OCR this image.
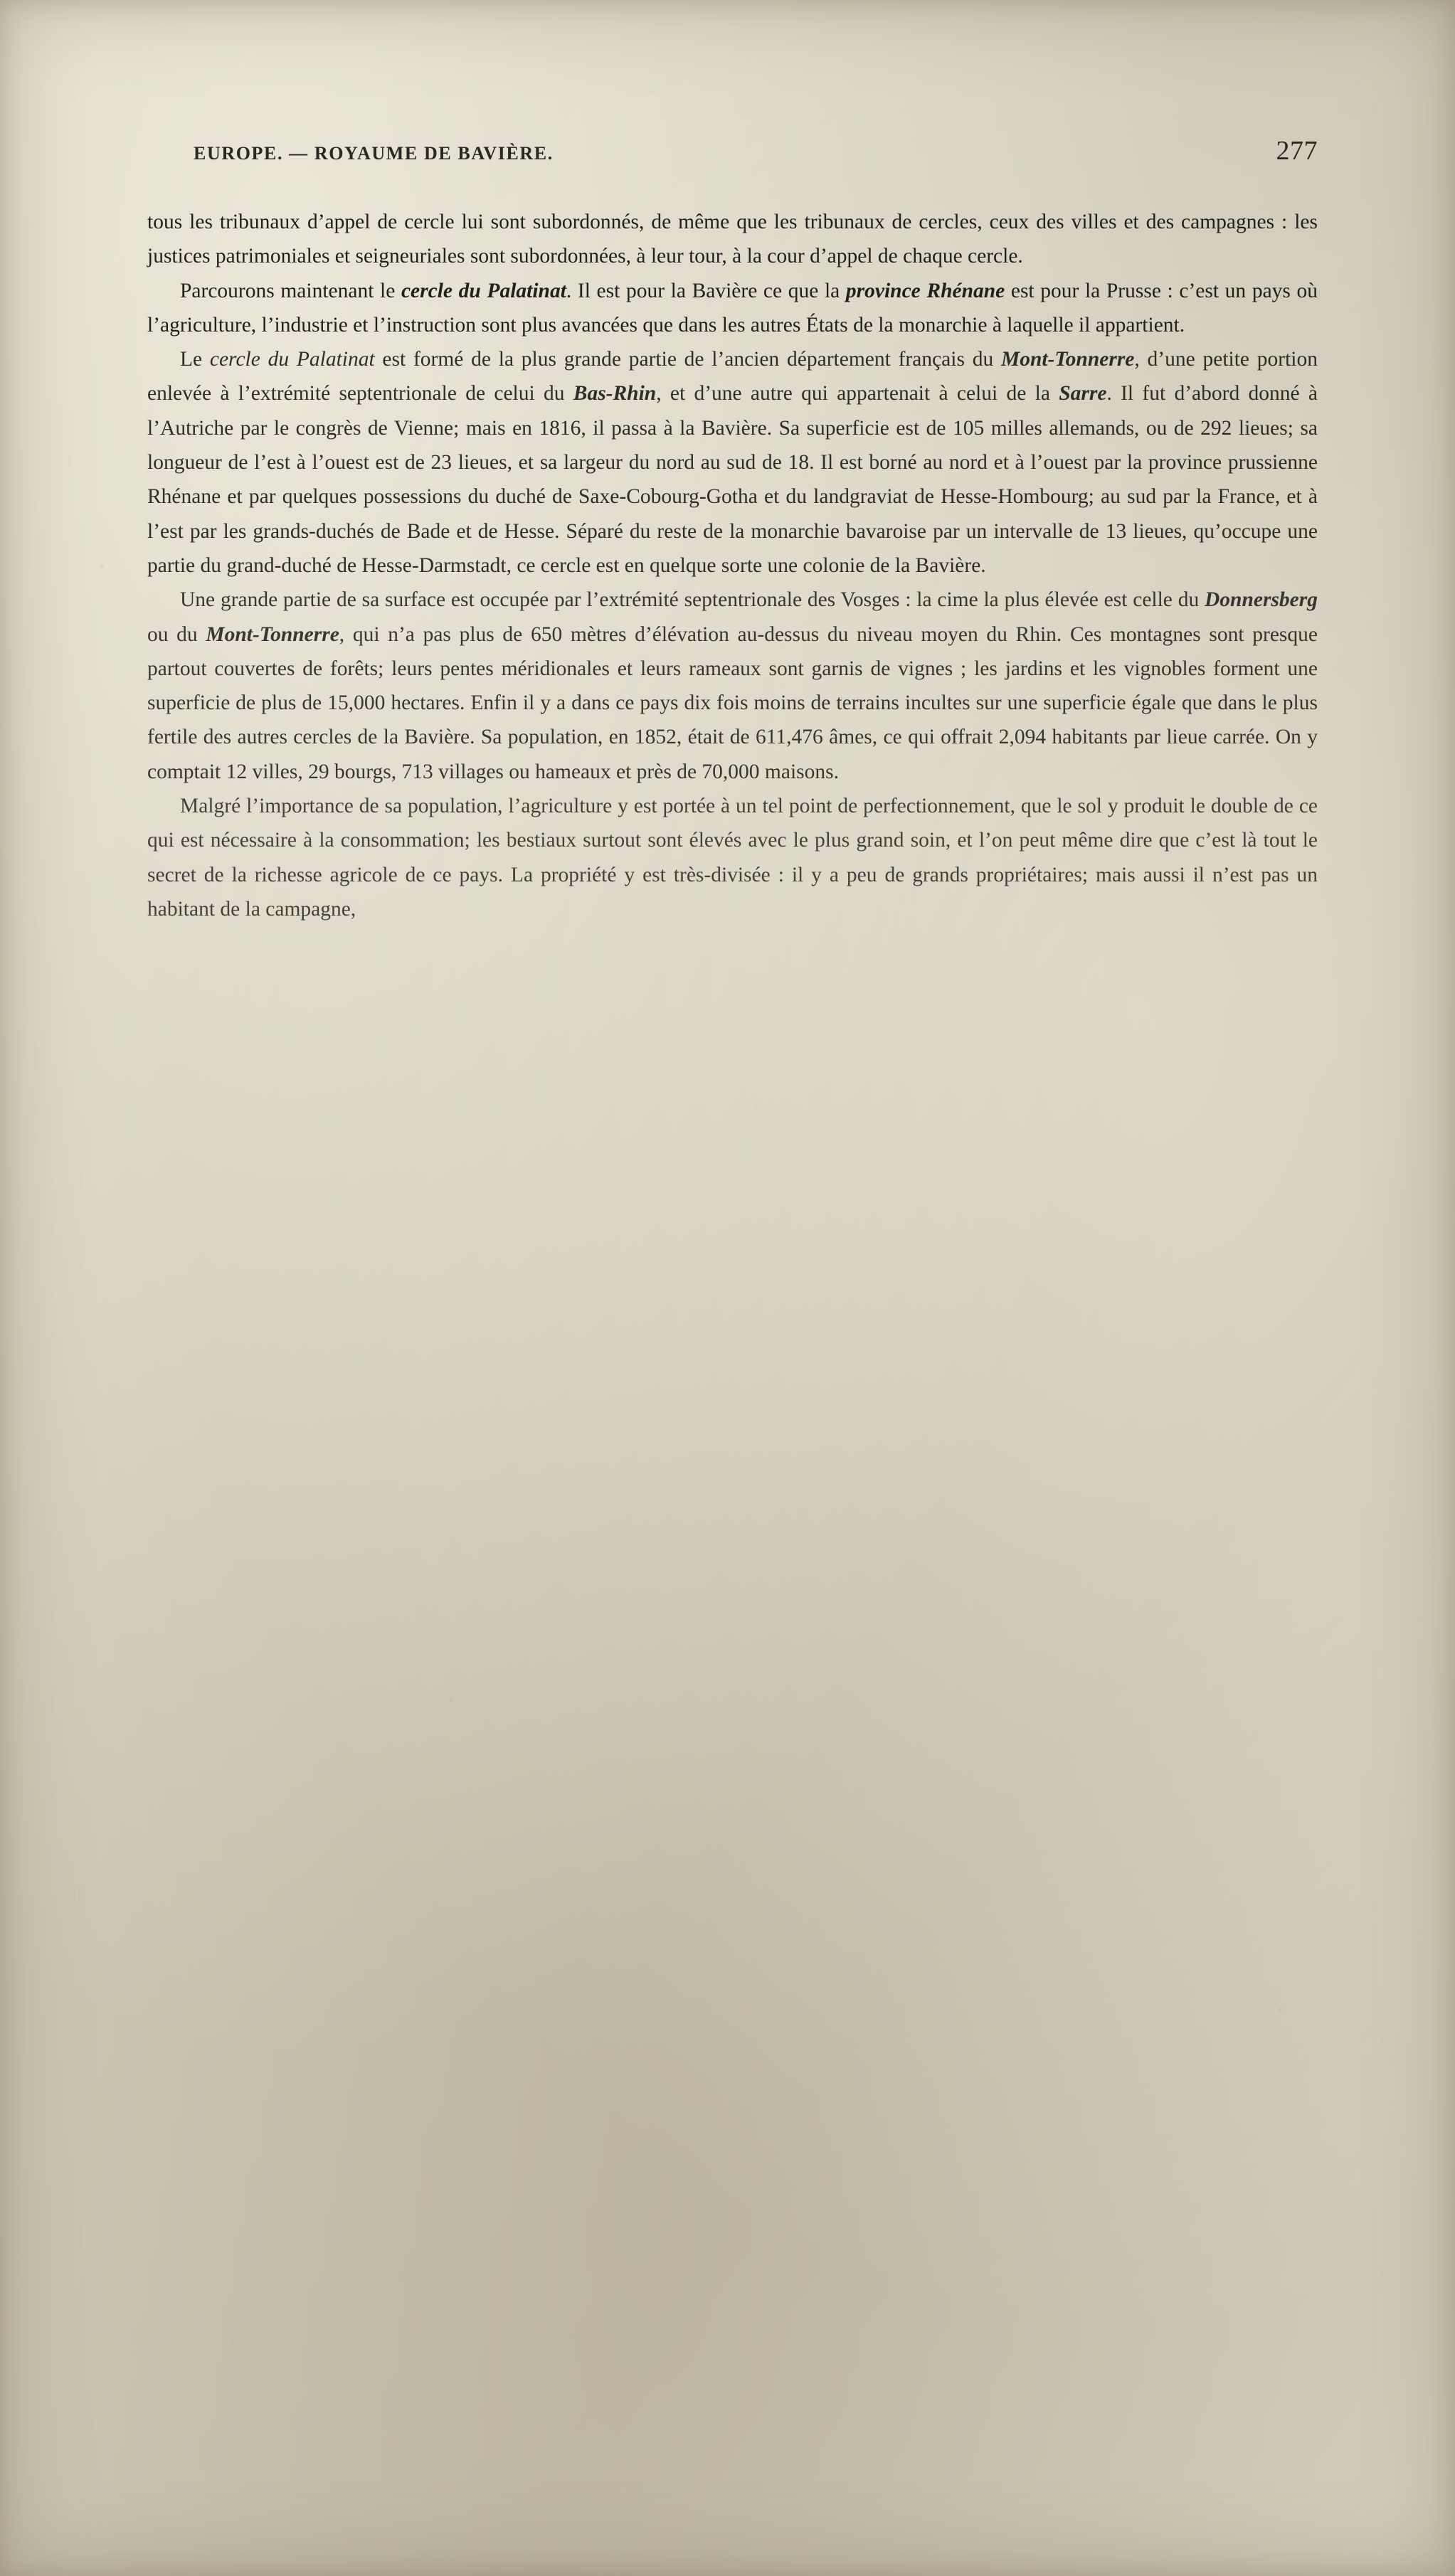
EUROPE. — ROYAUME DE BAVIÈRE.	277

tous les tribunaux d’appel de cercle lui sont subordonnés, de même que les tribunaux de cercles, ceux des villes et des campagnes : les justices patrimoniales et seigneuriales sont subordonnées, à leur tour, à la cour d’appel de chaque cercle.

Parcourons maintenant le cercle du Palatinat. Il est pour la Bavière ce que la province Rhénane est pour la Prusse : c’est un pays où l’agriculture, l’industrie et l’instruction sont plus avancées que dans les autres États de la monarchie à laquelle il appartient.

Le cercle du Palatinat est formé de la plus grande partie de l’ancien département français du Mont-Tonnerre, d’une petite portion enlevée à l’extrémité septentrionale de celui du Bas-Rhin, et d’une autre qui appartenait à celui de la Sarre. Il fut d’abord donné à l’Autriche par le congrès de Vienne; mais en 1816, il passa à la Bavière. Sa superficie est de 105 milles allemands, ou de 292 lieues; sa longueur de l’est à l’ouest est de 23 lieues, et sa largeur du nord au sud de 18. Il est borné au nord et à l’ouest par la province prussienne Rhénane et par quelques possessions du duché de Saxe-Cobourg-Gotha et du landgraviat de Hesse-Hombourg; au sud par la France, et à l’est par les grands-duchés de Bade et de Hesse. Séparé du reste de la monarchie bavaroise par un intervalle de 13 lieues, qu’occupe une partie du grand-duché de Hesse-Darmstadt, ce cercle est en quelque sorte une colonie de la Bavière.

Une grande partie de sa surface est occupée par l’extrémité septentrionale des Vosges : la cime la plus élevée est celle du Donnersberg ou du Mont-Tonnerre, qui n’a pas plus de 650 mètres d’élévation au-dessus du niveau moyen du Rhin. Ces montagnes sont presque partout couvertes de forêts; leurs pentes méridionales et leurs rameaux sont garnis de vignes ; les jardins et les vignobles forment une superficie de plus de 15,000 hectares. Enfin il y a dans ce pays dix fois moins de terrains incultes sur une superficie égale que dans le plus fertile des autres cercles de la Bavière. Sa population, en 1852, était de 611,476 âmes, ce qui offrait 2,094 habitants par lieue carrée. On y comptait 12 villes, 29 bourgs, 713 villages ou hameaux et près de 70,000 maisons.

Malgré l’importance de sa population, l’agriculture y est portée à un tel point de perfectionnement, que le sol y produit le double de ce qui est nécessaire à la consommation; les bestiaux surtout sont élevés avec le plus grand soin, et l’on peut même dire que c’est là tout le secret de la richesse agricole de ce pays. La propriété y est très-divisée : il y a peu de grands propriétaires; mais aussi il n’est pas un habitant de la campagne,
